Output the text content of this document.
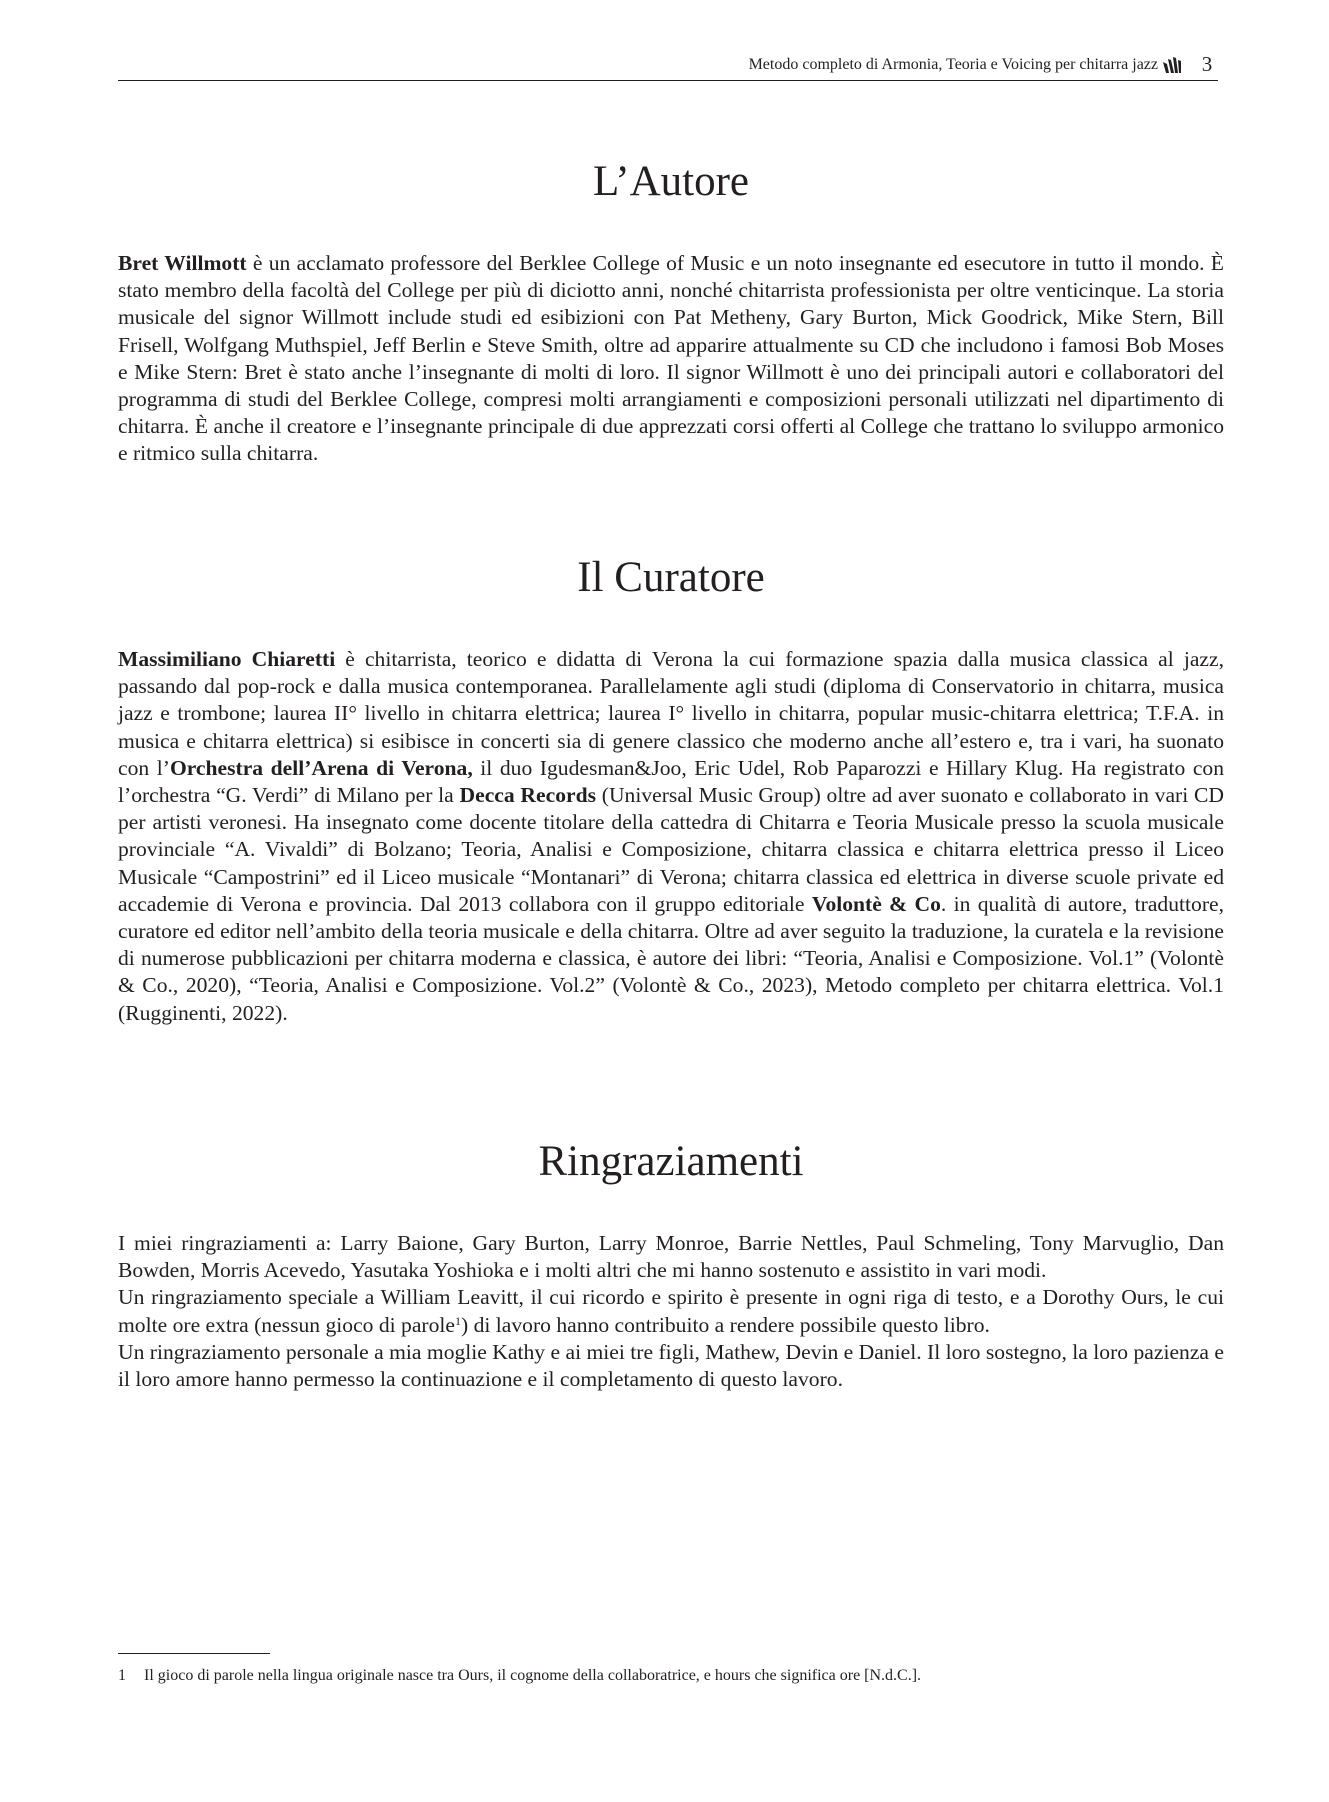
Metodo completo di Armonia, Teoria e Voicing per chitarra jazz 3
L’Autore

Bret Willmott è un acclamato professore del Berklee College of Music e un noto insegnante ed esecutore in tutto il mondo. È stato membro della facoltà del College per più di diciotto anni, nonché chitarrista professionista per oltre venticinque. La storia musicale del signor Willmott include studi ed esibizioni con Pat Metheny, Gary Burton, Mick Goodrick, Mike Stern, Bill Frisell, Wolfgang Muthspiel, Jeff Berlin e Steve Smith, oltre ad apparire attualmente su CD che includono i famosi Bob Moses e Mike Stern: Bret è stato anche l’insegnante di molti di loro. Il signor Willmott è uno dei principali autori e collaboratori del programma di studi del Berklee College, compresi molti arrangiamenti e composizioni personali utilizzati nel dipartimento di chitarra. È anche il creatore e l’insegnante principale di due apprezzati corsi offerti al College che trattano lo sviluppo armonico e ritmico sulla chitarra.

Il Curatore

Massimiliano Chiaretti è chitarrista, teorico e didatta di Verona la cui formazione spazia dalla musica classica al jazz, passando dal pop-rock e dalla musica contemporanea. Parallelamente agli studi (diploma di Conservatorio in chitarra, musica jazz e trombone; laurea II° livello in chitarra elettrica; laurea I° livello in chitarra, popular music-chitarra elettrica; T.F.A. in musica e chitarra elettrica) si esibisce in concerti sia di genere classico che moderno anche all’estero e, tra i vari, ha suonato con l’Orchestra dell’Arena di Verona, il duo Igudesman&Joo, Eric Udel, Rob Paparozzi e Hillary Klug. Ha registrato con l’orchestra “G. Verdi” di Milano per la Decca Records (Universal Music Group) oltre ad aver suonato e collaborato in vari CD per artisti veronesi. Ha insegnato come docente titolare della cattedra di Chitarra e Teoria Musicale presso la scuola musicale provinciale “A. Vivaldi” di Bolzano; Teoria, Analisi e Composizione, chitarra classica e chitarra elettrica presso il Liceo Musicale “Campostrini” ed il Liceo musicale “Montanari” di Verona; chitarra classica ed elettrica in diverse scuole private ed accademie di Verona e provincia. Dal 2013 collabora con il gruppo editoriale Volontè & Co. in qualità di autore, traduttore, curatore ed editor nell’ambito della teoria musicale e della chitarra. Oltre ad aver seguito la traduzione, la curatela e la revisione di numerose pubblicazioni per chitarra moderna e classica, è autore dei libri: “Teoria, Analisi e Composizione. Vol.1” (Volontè & Co., 2020), “Teoria, Analisi e Composizione. Vol.2” (Volontè & Co., 2023), Metodo completo per chitarra elettrica. Vol.1 (Rugginenti, 2022).

Ringraziamenti

I miei ringraziamenti a: Larry Baione, Gary Burton, Larry Monroe, Barrie Nettles, Paul Schmeling, Tony Marvuglio, Dan Bowden, Morris Acevedo, Yasutaka Yoshioka e i molti altri che mi hanno sostenuto e assistito in vari modi.
Un ringraziamento speciale a William Leavitt, il cui ricordo e spirito è presente in ogni riga di testo, e a Dorothy Ours, le cui molte ore extra (nessun gioco di parole$^1$) di lavoro hanno contribuito a rendere possibile questo libro.
Un ringraziamento personale a mia moglie Kathy e ai miei tre figli, Mathew, Devin e Daniel. Il loro sostegno, la loro pazienza e il loro amore hanno permesso la continuazione e il completamento di questo lavoro.

1 Il gioco di parole nella lingua originale nasce tra Ours, il cognome della collaboratrice, e hours che significa ore [N.d.C.].
